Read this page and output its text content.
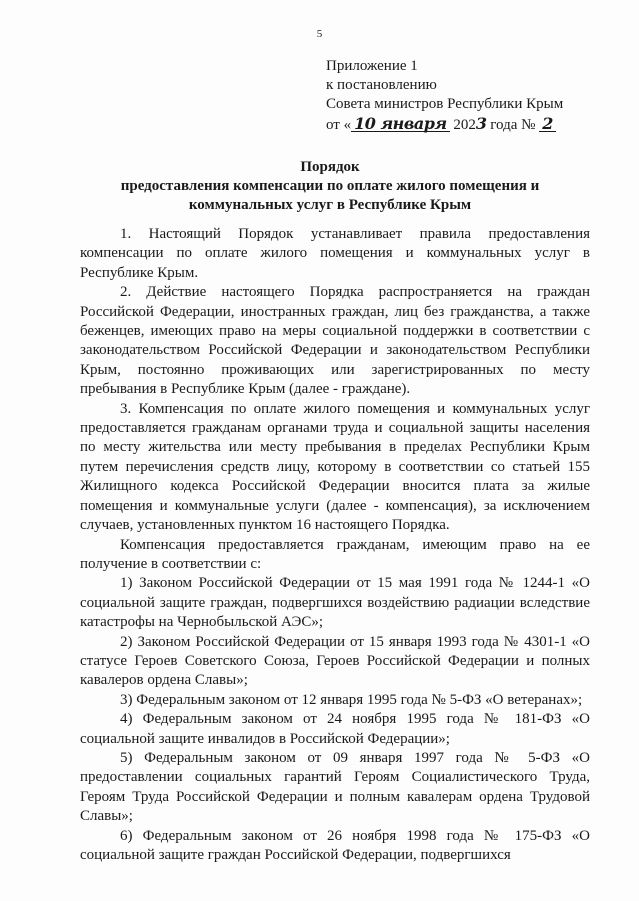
5
Приложение 1
к постановлению
Совета министров Республики Крым
от « 10 января 2023 года № 2
Порядок
предоставления компенсации по оплате жилого помещения и
коммунальных услуг в Республике Крым

1. Настоящий Порядок устанавливает правила предоставления компенсации по оплате жилого помещения и коммунальных услуг в Республике Крым.

2. Действие настоящего Порядка распространяется на граждан Российской Федерации, иностранных граждан, лиц без гражданства, а также беженцев, имеющих право на меры социальной поддержки в соответствии с законодательством Российской Федерации и законодательством Республики Крым, постоянно проживающих или зарегистрированных по месту пребывания в Республике Крым (далее - граждане).

3. Компенсация по оплате жилого помещения и коммунальных услуг предоставляется гражданам органами труда и социальной защиты населения по месту жительства или месту пребывания в пределах Республики Крым путем перечисления средств лицу, которому в соответствии со статьей 155 Жилищного кодекса Российской Федерации вносится плата за жилые помещения и коммунальные услуги (далее - компенсация), за исключением случаев, установленных пунктом 16 настоящего Порядка.

Компенсация предоставляется гражданам, имеющим право на ее получение в соответствии с:

1) Законом Российской Федерации от 15 мая 1991 года № 1244-1 «О социальной защите граждан, подвергшихся воздействию радиации вследствие катастрофы на Чернобыльской АЭС»;

2) Законом Российской Федерации от 15 января 1993 года № 4301-1 «О статусе Героев Советского Союза, Героев Российской Федерации и полных кавалеров ордена Славы»;

3) Федеральным законом от 12 января 1995 года № 5-ФЗ «О ветеранах»;

4) Федеральным законом от 24 ноября 1995 года № 181-ФЗ «О социальной защите инвалидов в Российской Федерации»;

5) Федеральным законом от 09 января 1997 года № 5-ФЗ «О предоставлении социальных гарантий Героям Социалистического Труда, Героям Труда Российской Федерации и полным кавалерам ордена Трудовой Славы»;

6) Федеральным законом от 26 ноября 1998 года № 175-ФЗ «О социальной защите граждан Российской Федерации, подвергшихся
